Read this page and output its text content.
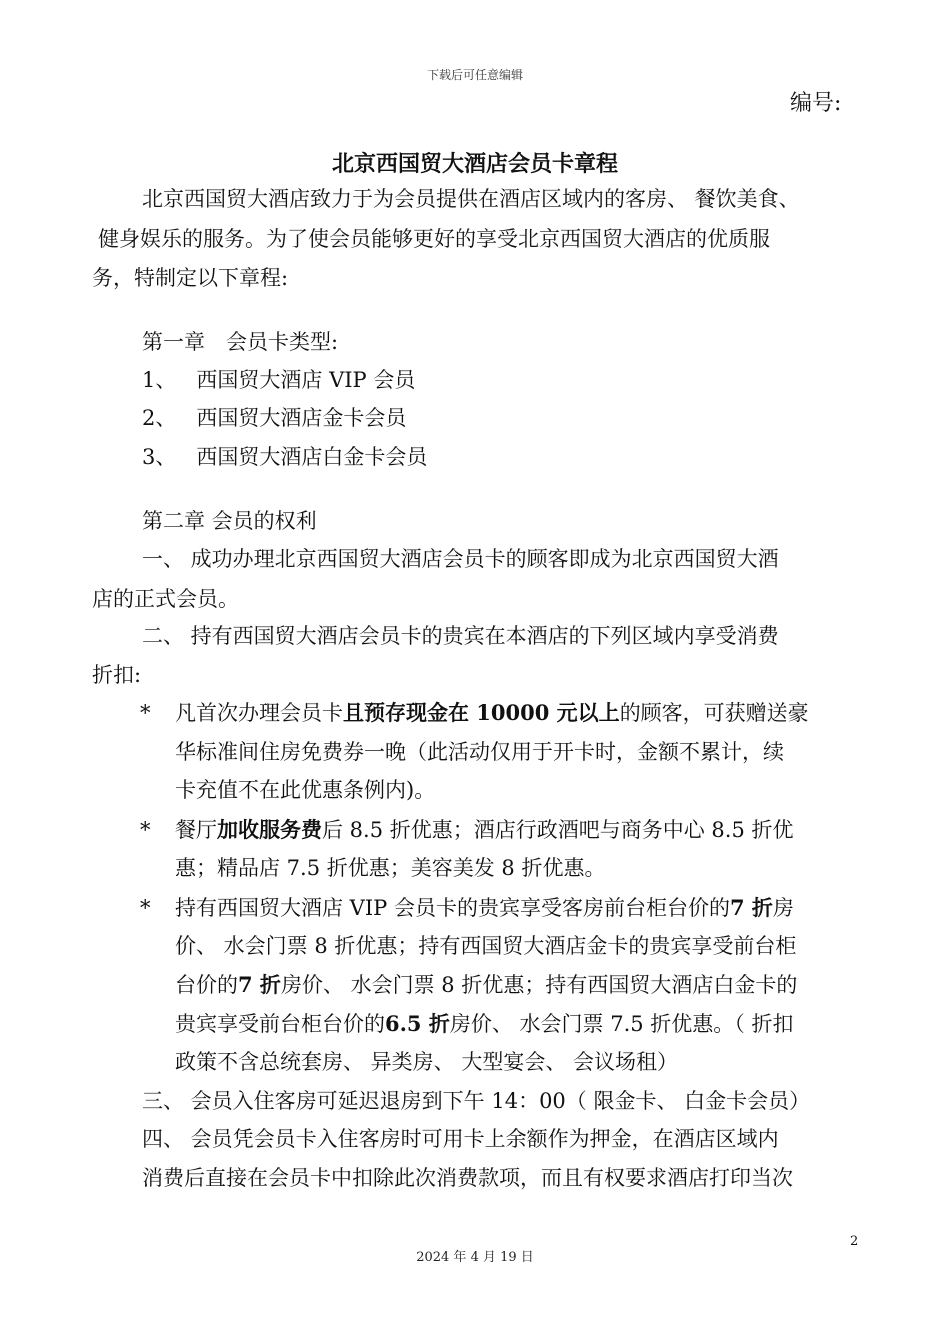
下载后可任意编辑
编号:
北京西国贸大酒店会员卡章程
北京西国贸大酒店致力于为会员提供在酒店区域内的客房、 餐饮美食、
健身娱乐的服务。为了使会员能够更好的享受北京西国贸大酒店的优质服
务，特制定以下章程:
第一章　会员卡类型:
1、 西国贸大酒店 VIP 会员
2、 西国贸大酒店金卡会员
3、 西国贸大酒店白金卡会员
第二章 会员的权利
一、 成功办理北京西国贸大酒店会员卡的顾客即成为北京西国贸大酒
店的正式会员。
二、 持有西国贸大酒店会员卡的贵宾在本酒店的下列区域内享受消费
折扣:
* 凡首次办理会员卡且预存现金在 10000 元以上的顾客，可获赠送豪
华标准间住房免费券一晚（此活动仅用于开卡时，金额不累计，续
卡充值不在此优惠条例内)。
* 餐厅加收服务费后 8.5 折优惠；酒店行政酒吧与商务中心 8.5 折优
惠；精品店 7.5 折优惠；美容美发 8 折优惠。
* 持有西国贸大酒店 VIP 会员卡的贵宾享受客房前台柜台价的7 折房
价、 水会门票 8 折优惠；持有西国贸大酒店金卡的贵宾享受前台柜
台价的7 折房价、 水会门票 8 折优惠；持有西国贸大酒店白金卡的
贵宾享受前台柜台价的6.5 折房价、 水会门票 7.5 折优惠。（ 折扣
政策不含总统套房、 异类房、 大型宴会、 会议场租）
三、 会员入住客房可延迟退房到下午 14：00（ 限金卡、 白金卡会员）
四、 会员凭会员卡入住客房时可用卡上余额作为押金，在酒店区域内
消费后直接在会员卡中扣除此次消费款项，而且有权要求酒店打印当次
2
2024 年 4 月 19 日
